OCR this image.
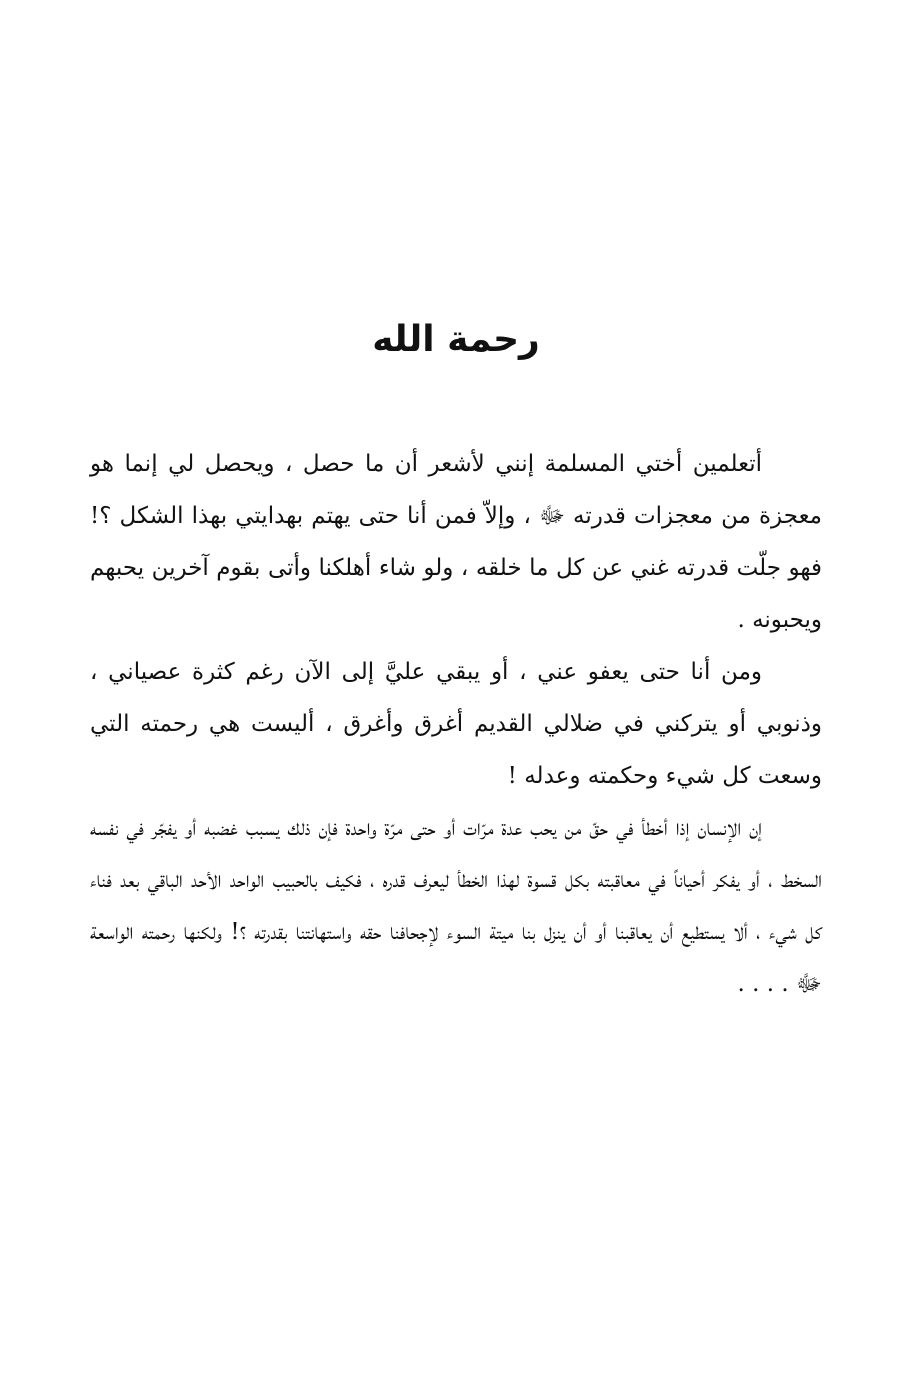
رحمة الله

أتعلمين أختي المسلمة إنني لأشعر أن ما حصل ، ويحصل لي إنما هو معجزة من معجزات قدرته ﷻ ، وإلاّ فمن أنا حتى يهتم بهدايتي بهذا الشكل ؟! فهو جلّت قدرته غني عن كل ما خلقه ، ولو شاء أهلكنا وأتى بقوم آخرين يحبهم ويحبونه .

ومن أنا حتى يعفو عني ، أو يبقي عليَّ إلى الآن رغم كثرة عصياني ، وذنوبي أو يتركني في ضلالي القديم أغرق وأغرق ، أليست هي رحمته التي وسعت كل شيء وحكمته وعدله !

إن الإنسان إذا أخطأ في حقّ من يحب عدة مرّات أو حتى مرّة واحدة فإن ذلك يسبب غضبه أو يفجّر في نفسه السخط ، أو يفكر أحياناً في معاقبته بكل قسوة لهذا الخطأ ليعرف قدره ، فكيف بالحبيب الواحد الأحد الباقي بعد فناء كل شيء ، ألا يستطيع أن يعاقبنا أو أن ينزل بنا ميتة السوء لإجحافنا حقه واستهانتنا بقدرته ؟! ولكنها رحمته الواسعة ﷻ . . . .
